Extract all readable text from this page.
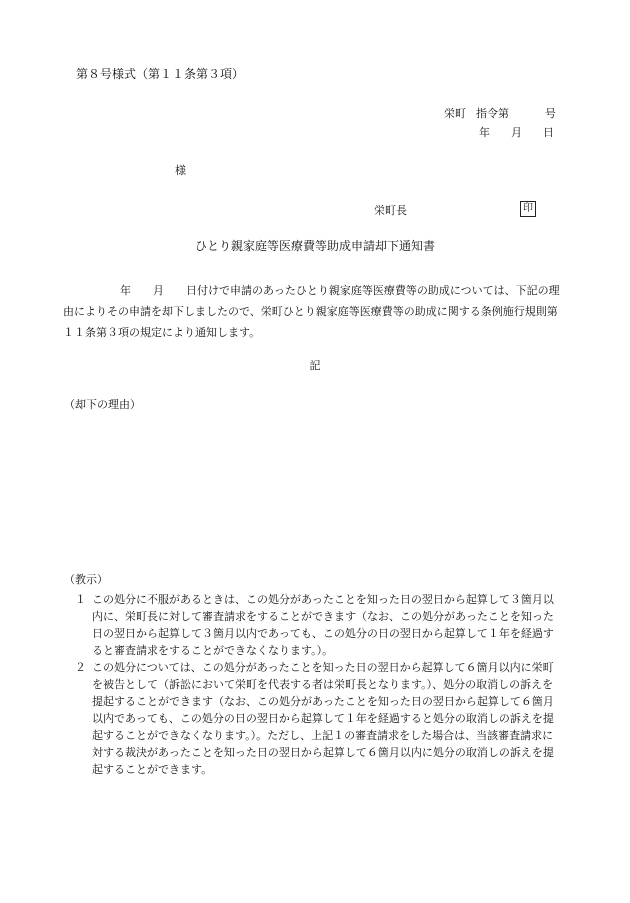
第８号様式（第１１条第３項）
栄町 指令第	号
年 月 日
様
栄町長	印
ひとり親家庭等医療費等助成申請却下通知書
年 月 日付けで申請のあったひとり親家庭等医療費等の助成については、下記の理由によりその申請を却下しましたので、栄町ひとり親家庭等医療費等の助成に関する条例施行規則第１１条第３項の規定により通知します。
記
（却下の理由）
（教示）
１ この処分に不服があるときは、この処分があったことを知った日の翌日から起算して３箇月以内に、栄町長に対して審査請求をすることができます（なお、この処分があったことを知った日の翌日から起算して３箇月以内であっても、この処分の日の翌日から起算して１年を経過すると審査請求をすることができなくなります。）。
２ この処分については、この処分があったことを知った日の翌日から起算して６箇月以内に栄町を被告として（訴訟において栄町を代表する者は栄町長となります。）、処分の取消しの訴えを提起することができます（なお、この処分があったことを知った日の翌日から起算して６箇月以内であっても、この処分の日の翌日から起算して１年を経過すると処分の取消しの訴えを提起することができなくなります。）。ただし、上記１の審査請求をした場合は、当該審査請求に対する裁決があったことを知った日の翌日から起算して６箇月以内に処分の取消しの訴えを提起することができます。
